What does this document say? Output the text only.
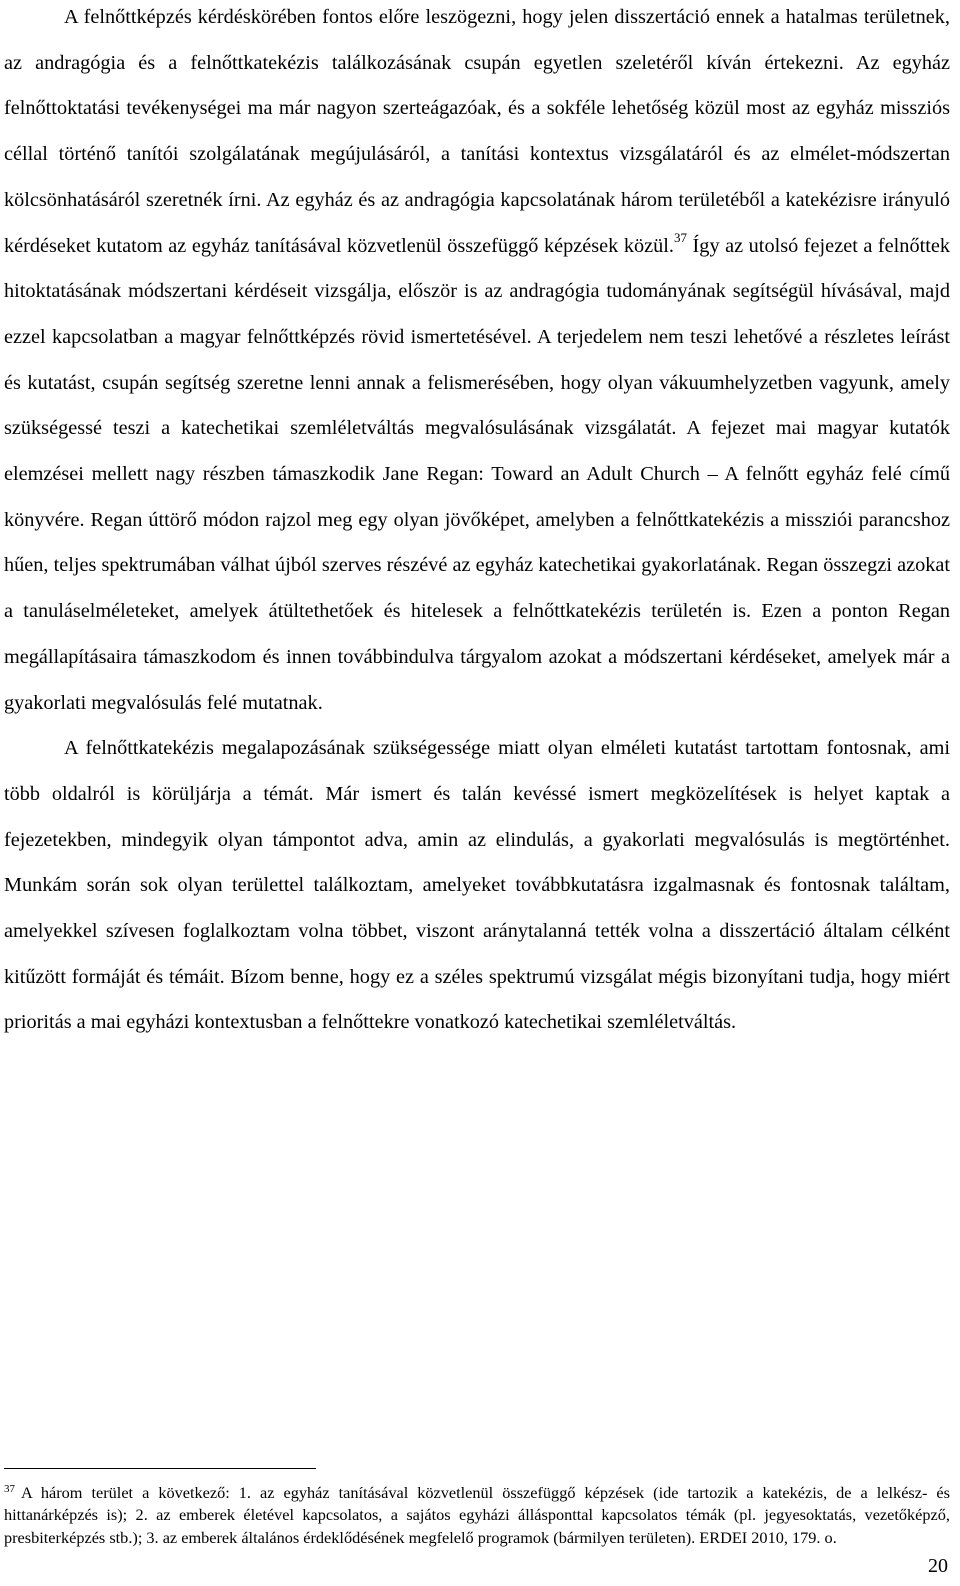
A felnőttképzés kérdéskörében fontos előre leszögezni, hogy jelen disszertáció ennek a hatalmas területnek, az andragógia és a felnőttkatekézis találkozásának csupán egyetlen szeletéről kíván értekezni. Az egyház felnőttoktatási tevékenységei ma már nagyon szerteágazóak, és a sokféle lehetőség közül most az egyház missziós céllal történő tanítói szolgálatának megújulásáról, a tanítási kontextus vizsgálatáról és az elmélet-módszertan kölcsönhatásáról szeretnék írni. Az egyház és az andragógia kapcsolatának három területéből a katekézisre irányuló kérdéseket kutatom az egyház tanításával közvetlenül összefüggő képzések közül.$^{37}$ Így az utolsó fejezet a felnőttek hitoktatásának módszertani kérdéseit vizsgálja, először is az andragógia tudományának segítségül hívásával, majd ezzel kapcsolatban a magyar felnőttképzés rövid ismertetésével. A terjedelem nem teszi lehetővé a részletes leírást és kutatást, csupán segítség szeretne lenni annak a felismerésében, hogy olyan vákuumhelyzetben vagyunk, amely szükségessé teszi a katechetikai szemléletváltás megvalósulásának vizsgálatát. A fejezet mai magyar kutatók elemzései mellett nagy részben támaszkodik Jane Regan: Toward an Adult Church ‒ A felnőtt egyház felé című könyvére. Regan úttörő módon rajzol meg egy olyan jövőképet, amelyben a felnőttkatekézis a missziói parancshoz hűen, teljes spektrumában válhat újból szerves részévé az egyház katechetikai gyakorlatának. Regan összegzi azokat a tanuláselméleteket, amelyek átültethetőek és hitelesek a felnőttkatekézis területén is. Ezen a ponton Regan megállapításaira támaszkodom és innen továbbindulva tárgyalom azokat a módszertani kérdéseket, amelyek már a gyakorlati megvalósulás felé mutatnak.

A felnőttkatekézis megalapozásának szükségessége miatt olyan elméleti kutatást tartottam fontosnak, ami több oldalról is körüljárja a témát. Már ismert és talán kevéssé ismert megközelítések is helyet kaptak a fejezetekben, mindegyik olyan támpontot adva, amin az elindulás, a gyakorlati megvalósulás is megtörténhet. Munkám során sok olyan területtel találkoztam, amelyeket továbbkutatásra izgalmasnak és fontosnak találtam, amelyekkel szívesen foglalkoztam volna többet, viszont aránytalanná tették volna a disszertáció általam célként kitűzött formáját és témáit. Bízom benne, hogy ez a széles spektrumú vizsgálat mégis bizonyítani tudja, hogy miért prioritás a mai egyházi kontextusban a felnőttekre vonatkozó katechetikai szemléletváltás.

$^{37}$ A három terület a következő: 1. az egyház tanításával közvetlenül összefüggő képzések (ide tartozik a katekézis, de a lelkész- és hittanárképzés is); 2. az emberek életével kapcsolatos, a sajátos egyházi állásponttal kapcsolatos témák (pl. jegyesoktatás, vezetőképző, presbiterképzés stb.); 3. az emberek általános érdeklődésének megfelelő programok (bármilyen területen). ERDEI 2010, 179. o.

20
